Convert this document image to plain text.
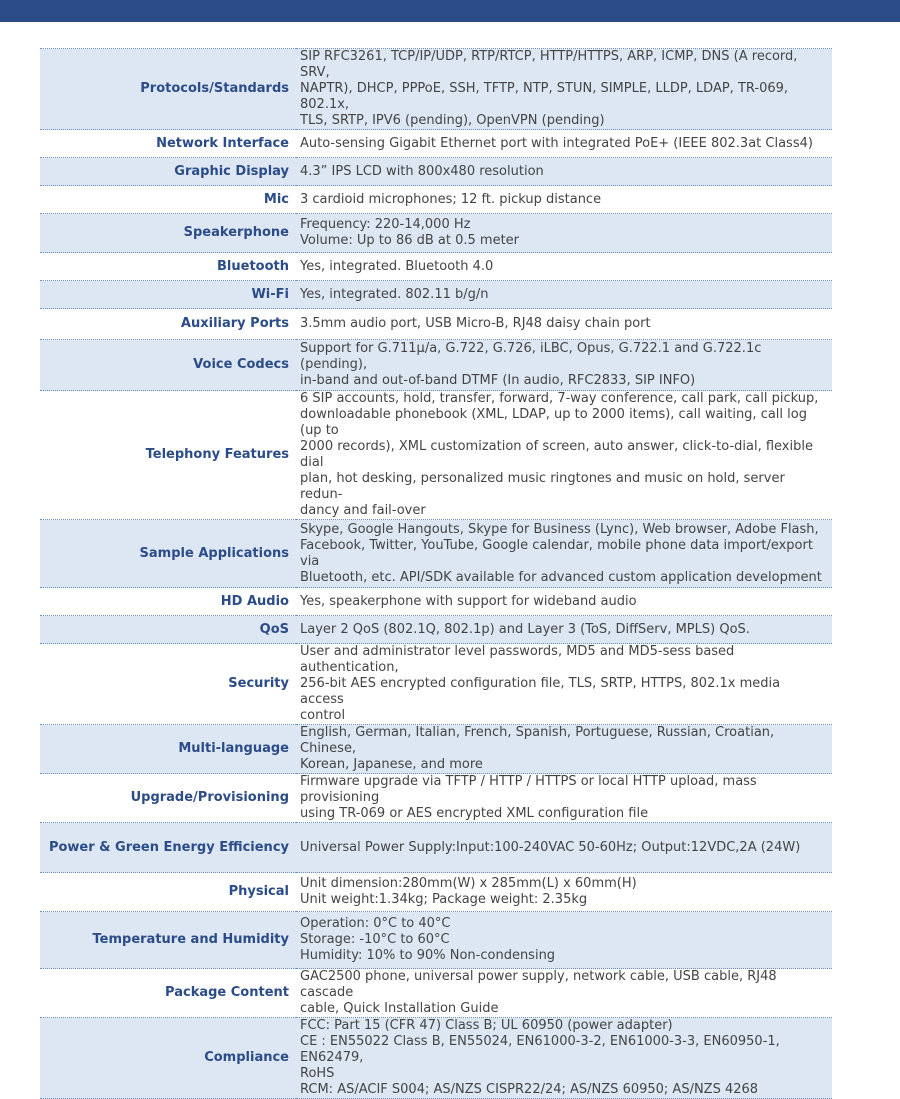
Protocols/Standards	SIP RFC3261, TCP/IP/UDP, RTP/RTCP, HTTP/HTTPS, ARP, ICMP, DNS (A record, SRV,
NAPTR), DHCP, PPPoE, SSH, TFTP, NTP, STUN, SIMPLE, LLDP, LDAP, TR-069, 802.1x,
TLS, SRTP, IPV6 (pending), OpenVPN (pending)

Network Interface	Auto-sensing Gigabit Ethernet port with integrated PoE+ (IEEE 802.3at Class4)

Graphic Display	4.3” IPS LCD with 800x480 resolution

Mic	3 cardioid microphones; 12 ft. pickup distance

Speakerphone	Frequency: 220-14,000 Hz
Volume: Up to 86 dB at 0.5 meter

Bluetooth	Yes, integrated. Bluetooth 4.0

Wi-Fi	Yes, integrated. 802.11 b/g/n

Auxiliary Ports	3.5mm audio port, USB Micro-B, RJ48 daisy chain port

Voice Codecs	Support for G.711µ/a, G.722, G.726, iLBC, Opus, G.722.1 and G.722.1c (pending),
in-band and out-of-band DTMF (In audio, RFC2833, SIP INFO)

Telephony Features	6 SIP accounts, hold, transfer, forward, 7-way conference, call park, call pickup,
downloadable phonebook (XML, LDAP, up to 2000 items), call waiting, call log (up to
2000 records), XML customization of screen, auto answer, click-to-dial, flexible dial
plan, hot desking, personalized music ringtones and music on hold, server redun-
dancy and fail-over

Sample Applications	Skype, Google Hangouts, Skype for Business (Lync), Web browser, Adobe Flash,
Facebook, Twitter, YouTube, Google calendar, mobile phone data import/export via
Bluetooth, etc. API/SDK available for advanced custom application development

HD Audio	Yes, speakerphone with support for wideband audio

QoS	Layer 2 QoS (802.1Q, 802.1p) and Layer 3 (ToS, DiffServ, MPLS) QoS.

Security	User and administrator level passwords, MD5 and MD5-sess based authentication,
256-bit AES encrypted configuration file, TLS, SRTP, HTTPS, 802.1x media access
control

Multi-language	English, German, Italian, French, Spanish, Portuguese, Russian, Croatian, Chinese,
Korean, Japanese, and more

Upgrade/Provisioning	Firmware upgrade via TFTP / HTTP / HTTPS or local HTTP upload, mass provisioning
using TR-069 or AES encrypted XML configuration file

Power & Green Energy Efficiency	Universal Power Supply:Input:100-240VAC 50-60Hz; Output:12VDC,2A (24W)

Physical	Unit dimension:280mm(W) x 285mm(L) x 60mm(H)
Unit weight:1.34kg; Package weight: 2.35kg

Temperature and Humidity	Operation: 0°C to 40°C
Storage: -10°C to 60°C
Humidity: 10% to 90% Non-condensing

Package Content	GAC2500 phone, universal power supply, network cable, USB cable, RJ48 cascade
cable, Quick Installation Guide

Compliance	FCC: Part 15 (CFR 47) Class B; UL 60950 (power adapter)
CE : EN55022 Class B, EN55024, EN61000-3-2, EN61000-3-3, EN60950-1, EN62479,
RoHS
RCM: AS/ACIF S004; AS/NZS CISPR22/24; AS/NZS 60950; AS/NZS 4268
